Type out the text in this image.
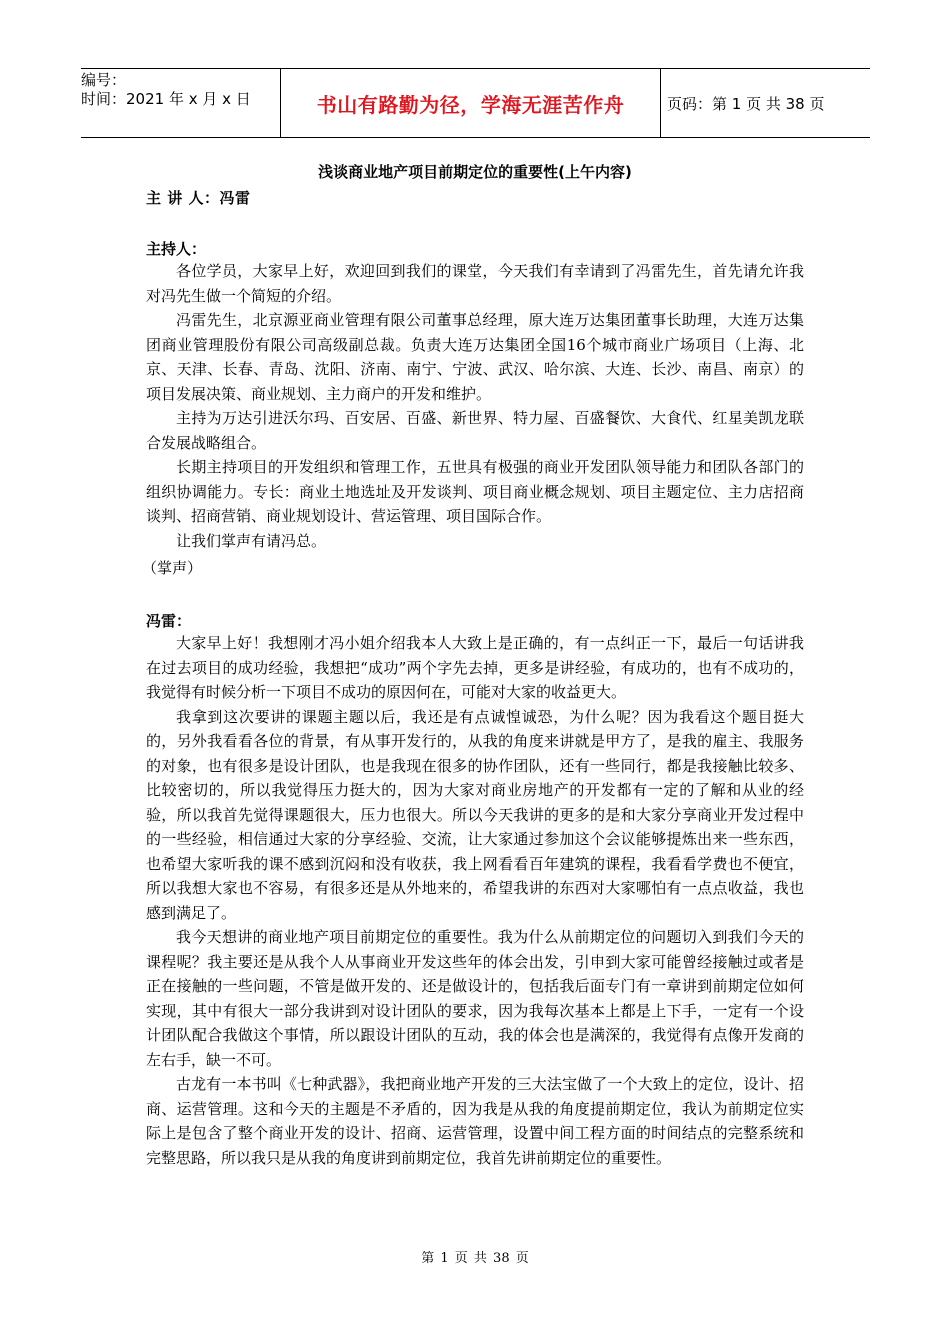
编号：
时间：2021 年 x 月 x 日	书山有路勤为径，学海无涯苦作舟	页码：第 1 页 共 38 页
浅谈商业地产项目前期定位的重要性(上午内容)
主 讲 人：冯雷
主持人：

各位学员，大家早上好，欢迎回到我们的课堂，今天我们有幸请到了冯雷先生，首先请允许我对冯先生做一个简短的介绍。

冯雷先生，北京源亚商业管理有限公司董事总经理，原大连万达集团董事长助理，大连万达集团商业管理股份有限公司高级副总裁。负责大连万达集团全国16个城市商业广场项目（上海、北京、天津、长春、青岛、沈阳、济南、南宁、宁波、武汉、哈尔滨、大连、长沙、南昌、南京）的项目发展决策、商业规划、主力商户的开发和维护。

主持为万达引进沃尔玛、百安居、百盛、新世界、特力屋、百盛餐饮、大食代、红星美凯龙联合发展战略组合。

长期主持项目的开发组织和管理工作，五世具有极强的商业开发团队领导能力和团队各部门的组织协调能力。专长：商业土地选址及开发谈判、项目商业概念规划、项目主题定位、主力店招商谈判、招商营销、商业规划设计、营运管理、项目国际合作。

让我们掌声有请冯总。

（掌声）
冯雷：

大家早上好！我想刚才冯小姐介绍我本人大致上是正确的，有一点纠正一下，最后一句话讲我在过去项目的成功经验，我想把“成功”两个字先去掉，更多是讲经验，有成功的，也有不成功的，我觉得有时候分析一下项目不成功的原因何在，可能对大家的收益更大。

我拿到这次要讲的课题主题以后，我还是有点诚惶诚恐，为什么呢？因为我看这个题目挺大的，另外我看看各位的背景，有从事开发行的，从我的角度来讲就是甲方了，是我的雇主、我服务的对象，也有很多是设计团队，也是我现在很多的协作团队，还有一些同行，都是我接触比较多、比较密切的，所以我觉得压力挺大的，因为大家对商业房地产的开发都有一定的了解和从业的经验，所以我首先觉得课题很大，压力也很大。所以今天我讲的更多的是和大家分享商业开发过程中的一些经验，相信通过大家的分享经验、交流，让大家通过参加这个会议能够提炼出来一些东西，也希望大家听我的课不感到沉闷和没有收获，我上网看看百年建筑的课程，我看看学费也不便宜，所以我想大家也不容易，有很多还是从外地来的，希望我讲的东西对大家哪怕有一点点收益，我也感到满足了。

我今天想讲的商业地产项目前期定位的重要性。我为什么从前期定位的问题切入到我们今天的课程呢？我主要还是从我个人从事商业开发这些年的体会出发，引申到大家可能曾经接触过或者是正在接触的一些问题，不管是做开发的、还是做设计的，包括我后面专门有一章讲到前期定位如何实现，其中有很大一部分我讲到对设计团队的要求，因为我每次基本上都是上下手，一定有一个设计团队配合我做这个事情，所以跟设计团队的互动，我的体会也是满深的，我觉得有点像开发商的左右手，缺一不可。

古龙有一本书叫《七种武器》，我把商业地产开发的三大法宝做了一个大致上的定位，设计、招商、运营管理。这和今天的主题是不矛盾的，因为我是从我的角度提前期定位，我认为前期定位实际上是包含了整个商业开发的设计、招商、运营管理，设置中间工程方面的时间结点的完整系统和完整思路，所以我只是从我的角度讲到前期定位，我首先讲前期定位的重要性。

第 1 页 共 38 页
